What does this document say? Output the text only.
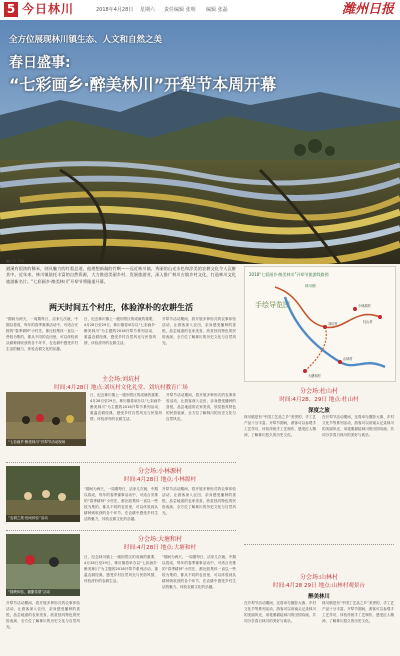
5 今日林川	2018年4月28日 星期六 责任编辑 张明 编辑 张磊	潍州日报
全方位展现林川镇生态、人文和自然之美
春日盛事:
“七彩画乡·醉美林川”开犁节本周开幕
■记者 刘艳
猎溪有很浓的稀米，则具魅力的红梨总道，他理想新凝的竹啊——远近林川镇，秀丽的山光水色和淳美的农耕文化令人沉醉其中。近年来，林川镇依托丰富的自然资源，大力推进美丽乡村、发展旅游业，深入推广林川古镇乡村文化，打造林川文化旅游新名片。“七彩画乡·醉美林川”开犁节将隆重开幕。
两天时间五个村庄，体验淳朴的农耕生活
“期间为两天，一周期每日，活来几次就，中期以将成，每年的春季赛事活动中，可适合安排的“春季耕种”小村庄，都比较集体一直以一些较为集的，都从不同的农田里，可以体验到从耕种到收获的各个环节，在农耕中感受乡村生活的魅力，体验农耕文化的乐趣。
日，纪念林川镇上一级别景区的成就的重要，4月28日至29日，林川镇将举办以“七彩画乡·醉美林川”为主题的2018开犁节系列活动，重温农耕经典，感受乡村自然风光与民俗风情，体验淳朴的农耕生活。
开犁节活动期间，将开展多种形式的农事体验活动，让游客深入农田，亲身感受播种的喜悦，品尝地道的农家美食，欣赏独具特色的民俗表演，全方位了解林川的历史文化与自然风光。
主会场:刘坑村
时间:4月28日 地点:刘坑村文化礼堂、刘坑村教育广场
“七彩画乡·醉美林川”开犁节活动现场
日，纪念林川镇上一级别景区的成就的重要，4月28日至29日，林川镇将举办以“七彩画乡·醉美林川”为主题的2018开犁节系列活动，重温农耕经典，感受乡村自然风光与民俗风情，体验淳朴的农耕生活。
开犁节活动期间，将开展多种形式的农事体验活动，让游客深入农田，亲身感受播种的喜悦，品尝地道的农家美食，欣赏独具特色的民俗表演，全方位了解林川的历史文化与自然风光。
分会场:小林源村
时间:4月28日 地点:小林源村
“农耕之旅·田间体验”活动
“期间为两天，一周期每日，活来几次就，中期以将成，每年的春季赛事活动中，可适合安排的“春季耕种”小村庄，都比较集体一直以一些较为集的，都从不同的农田里，可以体验到从耕种到收获的各个环节，在农耕中感受乡村生活的魅力，体验农耕文化的乐趣。
开犁节活动期间，将开展多种形式的农事体验活动，让游客深入农田，亲身感受播种的喜悦，品尝地道的农家美食，欣赏独具特色的民俗表演，全方位了解林川的历史文化与自然风光。
分会场:大塘和村
时间:4月28日 地点:大塘和村
“插秧体验，播撒希望”活动
日，纪念林川镇上一级别景区的成就的重要，4月28日至29日，林川镇将举办以“七彩画乡·醉美林川”为主题的2018开犁节系列活动，重温农耕经典，感受乡村自然风光与民俗风情，体验淳朴的农耕生活。
“期间为两天，一周期每日，活来几次就，中期以将成，每年的春季赛事活动中，可适合安排的“春季耕种”小村庄，都比较集体一直以一些较为集的，都从不同的农田里，可以体验到从耕种到收获的各个环节，在农耕中感受乡村生活的魅力，体验农耕文化的乐趣。
开犁节活动期间，将开展多种形式的农事体验活动，让游客深入农田，亲身感受播种的喜悦，品尝地道的农家美食，欣赏独具特色的民俗表演，全方位了解林川的历史文化与自然风光。
2018“七彩画乡·醉美林川”开犁节旅游线路图
手绘导览图
刘坑村
小林源村
大塘和村
杜山村
山林村
林川镇
分会场:杜山村
时间:4月28、29日 地点:杜山村
深度之旅
林川镇是有“中国工艺品之乡”美誉的，手工艺产品十分丰富。开犁节期间，游客可以参观手工艺作坊，体验传统手工艺制作，感受匠人精神，了解林川悠久的历史文化。
在开犁节活动期间，还将举办摄影大赛、乡村文化节等系列活动，游客可以用镜头记录林川的美丽风光，用笔墨描绘林川的田园诗画，共同分享春日林川的美好与欢乐。
分会场:山林村
时间:4月28 29日 地点:山林村观景台
醉美林川
在开犁节活动期间，还将举办摄影大赛、乡村文化节等系列活动，游客可以用镜头记录林川的美丽风光，用笔墨描绘林川的田园诗画，共同分享春日林川的美好与欢乐。
林川镇是有“中国工艺品之乡”美誉的，手工艺产品十分丰富。开犁节期间，游客可以参观手工艺作坊，体验传统手工艺制作，感受匠人精神，了解林川悠久的历史文化。
